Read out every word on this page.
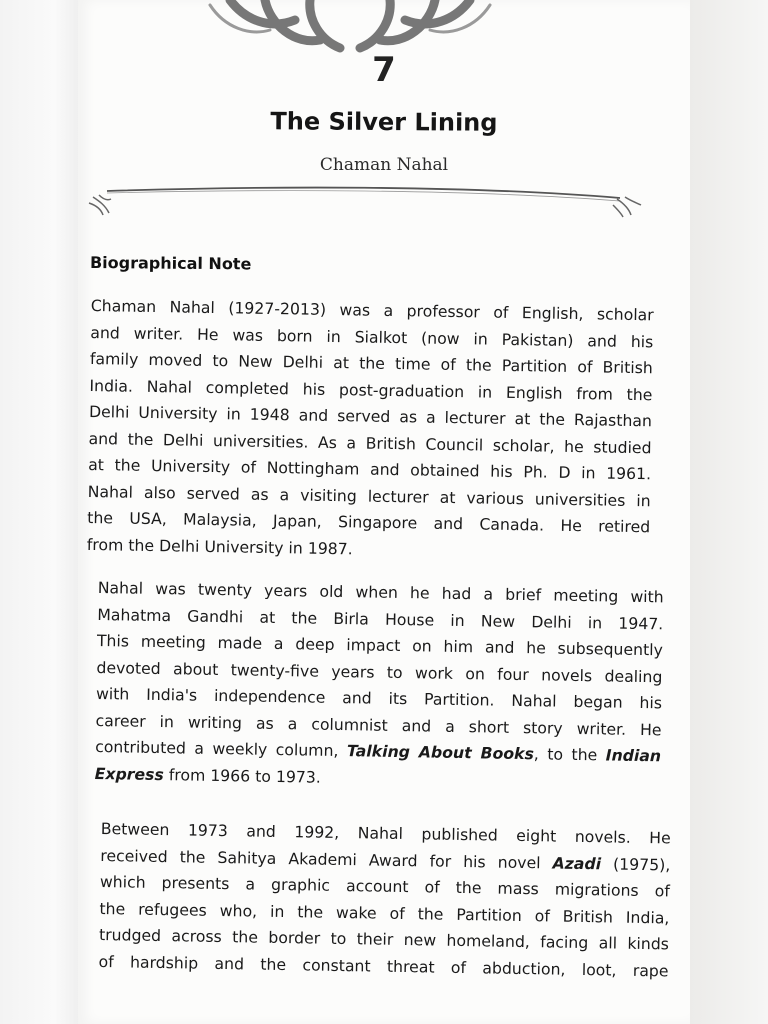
7
The Silver Lining
Chaman Nahal
Biographical Note
Chaman Nahal (1927-2013) was a professor of English, scholar
and writer. He was born in Sialkot (now in Pakistan) and his
family moved to New Delhi at the time of the Partition of British
India. Nahal completed his post-graduation in English from the
Delhi University in 1948 and served as a lecturer at the Rajasthan
and the Delhi universities. As a British Council scholar, he studied
at the University of Nottingham and obtained his Ph. D in 1961.
Nahal also served as a visiting lecturer at various universities in
the USA, Malaysia, Japan, Singapore and Canada. He retired
from the Delhi University in 1987.
Nahal was twenty years old when he had a brief meeting with
Mahatma Gandhi at the Birla House in New Delhi in 1947.
This meeting made a deep impact on him and he subsequently
devoted about twenty-five years to work on four novels dealing
with India's independence and its Partition. Nahal began his
career in writing as a columnist and a short story writer. He
contributed a weekly column, Talking About Books, to the Indian
Express from 1966 to 1973.
Between 1973 and 1992, Nahal published eight novels. He
received the Sahitya Akademi Award for his novel Azadi (1975),
which presents a graphic account of the mass migrations of
the refugees who, in the wake of the Partition of British India,
trudged across the border to their new homeland, facing all kinds
of hardship and the constant threat of abduction, loot, rape
